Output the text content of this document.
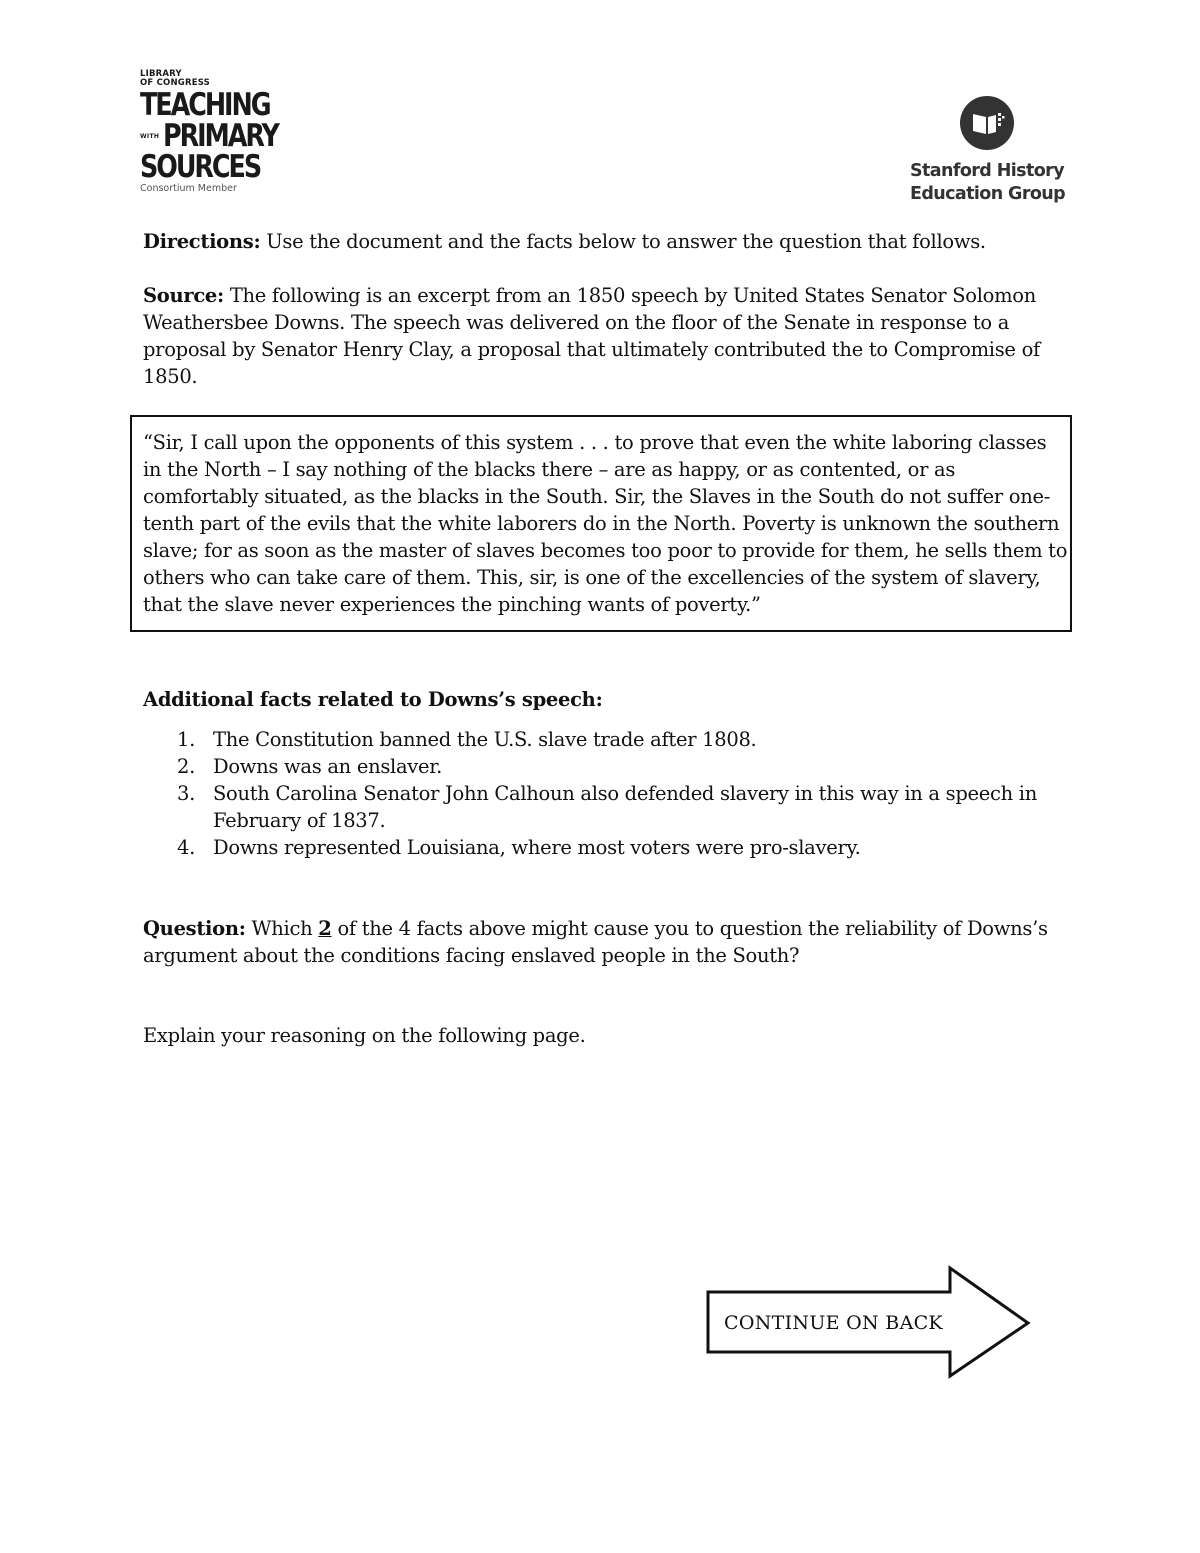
LIBRARY
OF CONGRESS
TEACHING
WITH PRIMARY
SOURCES
Consortium Member
Stanford History
Education Group
Directions: Use the document and the facts below to answer the question that follows.
Source: The following is an excerpt from an 1850 speech by United States Senator Solomon Weathersbee Downs. The speech was delivered on the floor of the Senate in response to a proposal by Senator Henry Clay, a proposal that ultimately contributed the to Compromise of 1850.
“Sir, I call upon the opponents of this system . . . to prove that even the white laboring classes in the North – I say nothing of the blacks there – are as happy, or as contented, or as comfortably situated, as the blacks in the South. Sir, the Slaves in the South do not suffer one-tenth part of the evils that the white laborers do in the North. Poverty is unknown the southern slave; for as soon as the master of slaves becomes too poor to provide for them, he sells them to others who can take care of them. This, sir, is one of the excellencies of the system of slavery, that the slave never experiences the pinching wants of poverty.”
Additional facts related to Downs’s speech:
1. The Constitution banned the U.S. slave trade after 1808.
2. Downs was an enslaver.
3. South Carolina Senator John Calhoun also defended slavery in this way in a speech in February of 1837.
4. Downs represented Louisiana, where most voters were pro-slavery.
Question: Which 2 of the 4 facts above might cause you to question the reliability of Downs’s argument about the conditions facing enslaved people in the South?
Explain your reasoning on the following page.
CONTINUE ON BACK
